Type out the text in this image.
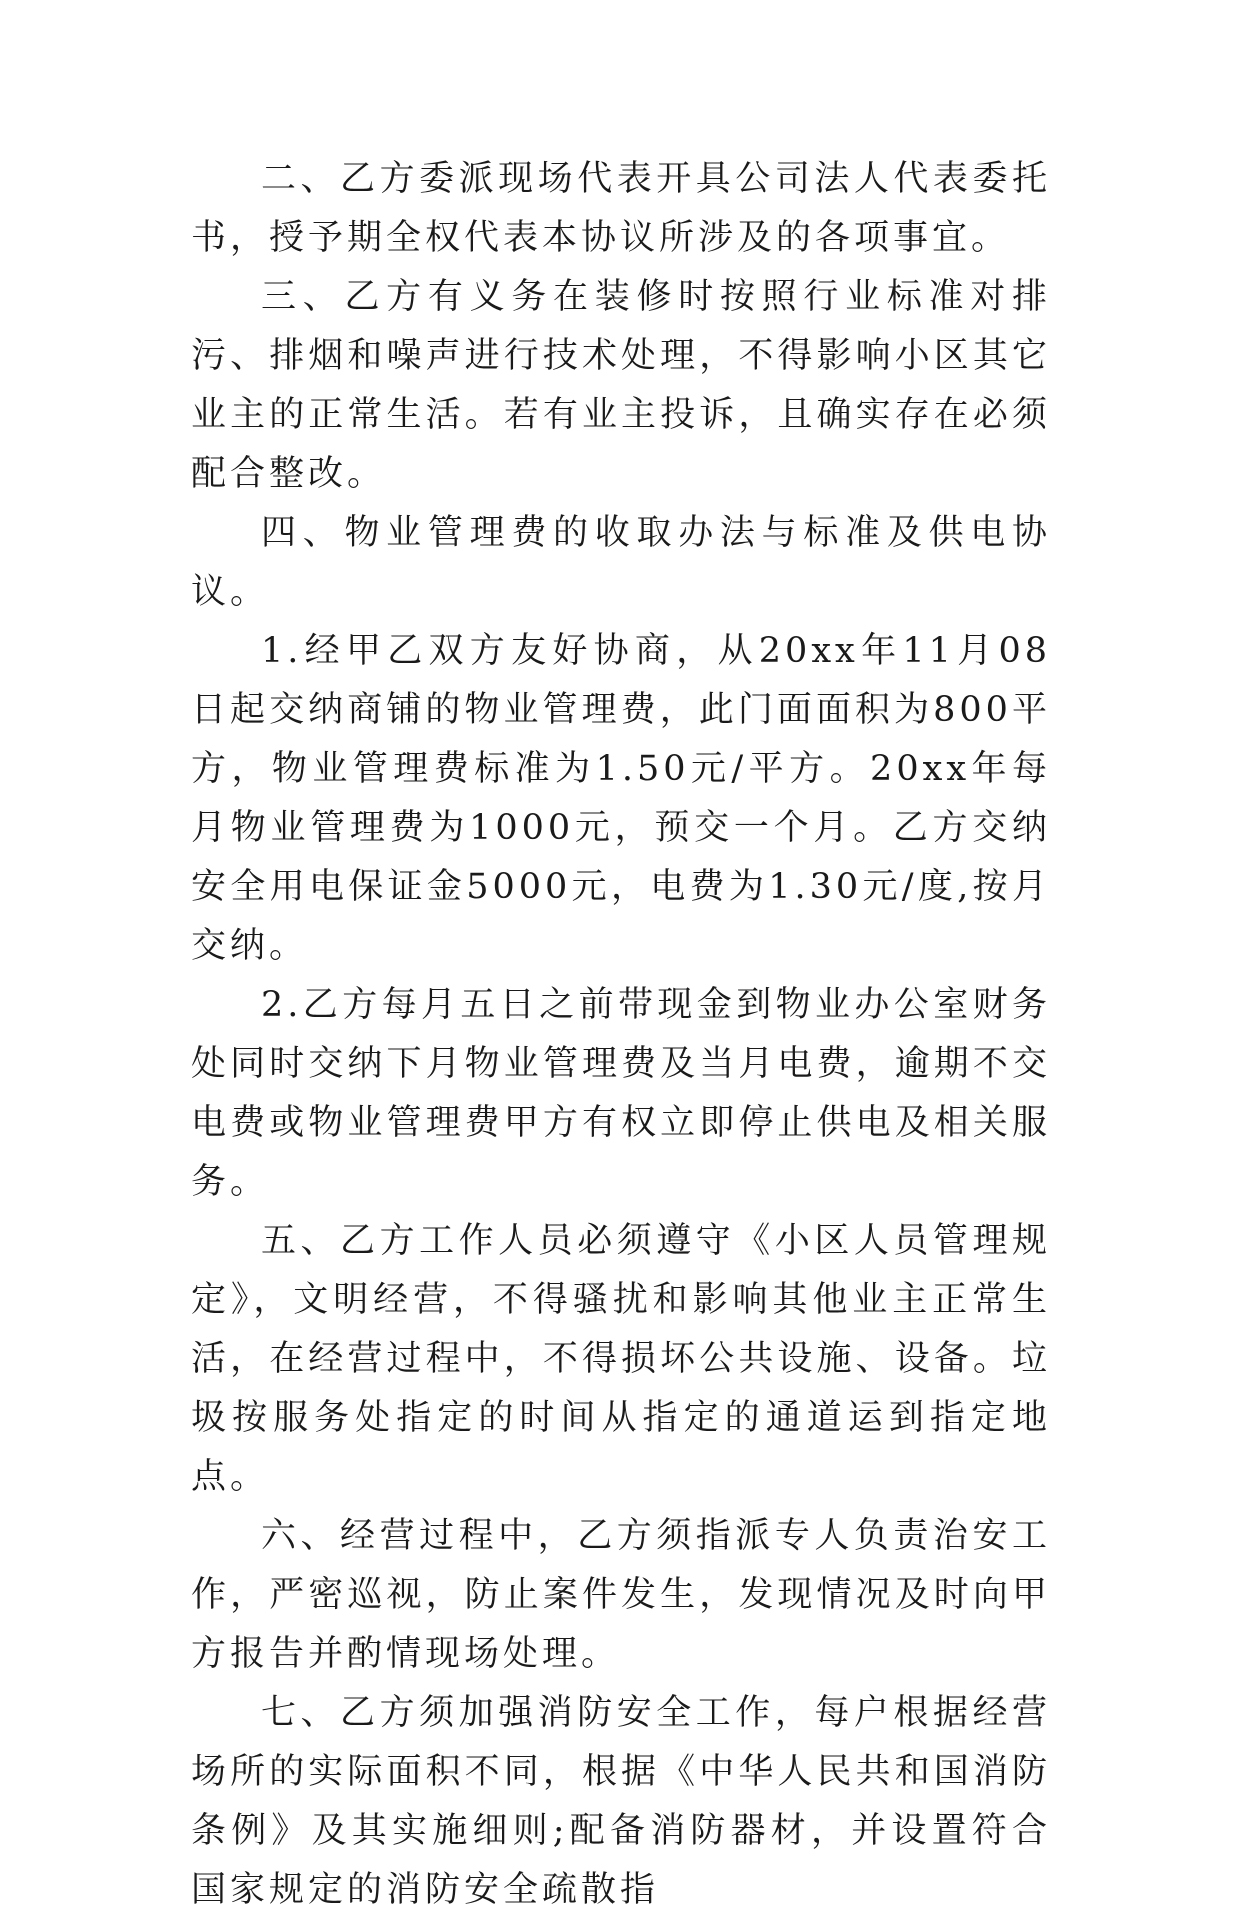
二、乙方委派现场代表开具公司法人代表委托书，授予期全权代表本协议所涉及的各项事宜。

三、乙方有义务在装修时按照行业标准对排污、排烟和噪声进行技术处理，不得影响小区其它业主的正常生活。若有业主投诉，且确实存在必须配合整改。

四、物业管理费的收取办法与标准及供电协议。

1.经甲乙双方友好协商，从20xx年11月08日起交纳商铺的物业管理费，此门面面积为800平方，物业管理费标准为1.50元/平方。20xx年每月物业管理费为1000元，预交一个月。乙方交纳安全用电保证金5000元，电费为1.30元/度,按月交纳。

2.乙方每月五日之前带现金到物业办公室财务处同时交纳下月物业管理费及当月电费，逾期不交电费或物业管理费甲方有权立即停止供电及相关服务。

五、乙方工作人员必须遵守《小区人员管理规定》，文明经营，不得骚扰和影响其他业主正常生活，在经营过程中，不得损坏公共设施、设备。垃圾按服务处指定的时间从指定的通道运到指定地点。

六、经营过程中，乙方须指派专人负责治安工作，严密巡视，防止案件发生，发现情况及时向甲方报告并酌情现场处理。

七、乙方须加强消防安全工作，每户根据经营场所的实际面积不同，根据《中华人民共和国消防条例》及其实施细则;配备消防器材，并设置符合国家规定的消防安全疏散指
